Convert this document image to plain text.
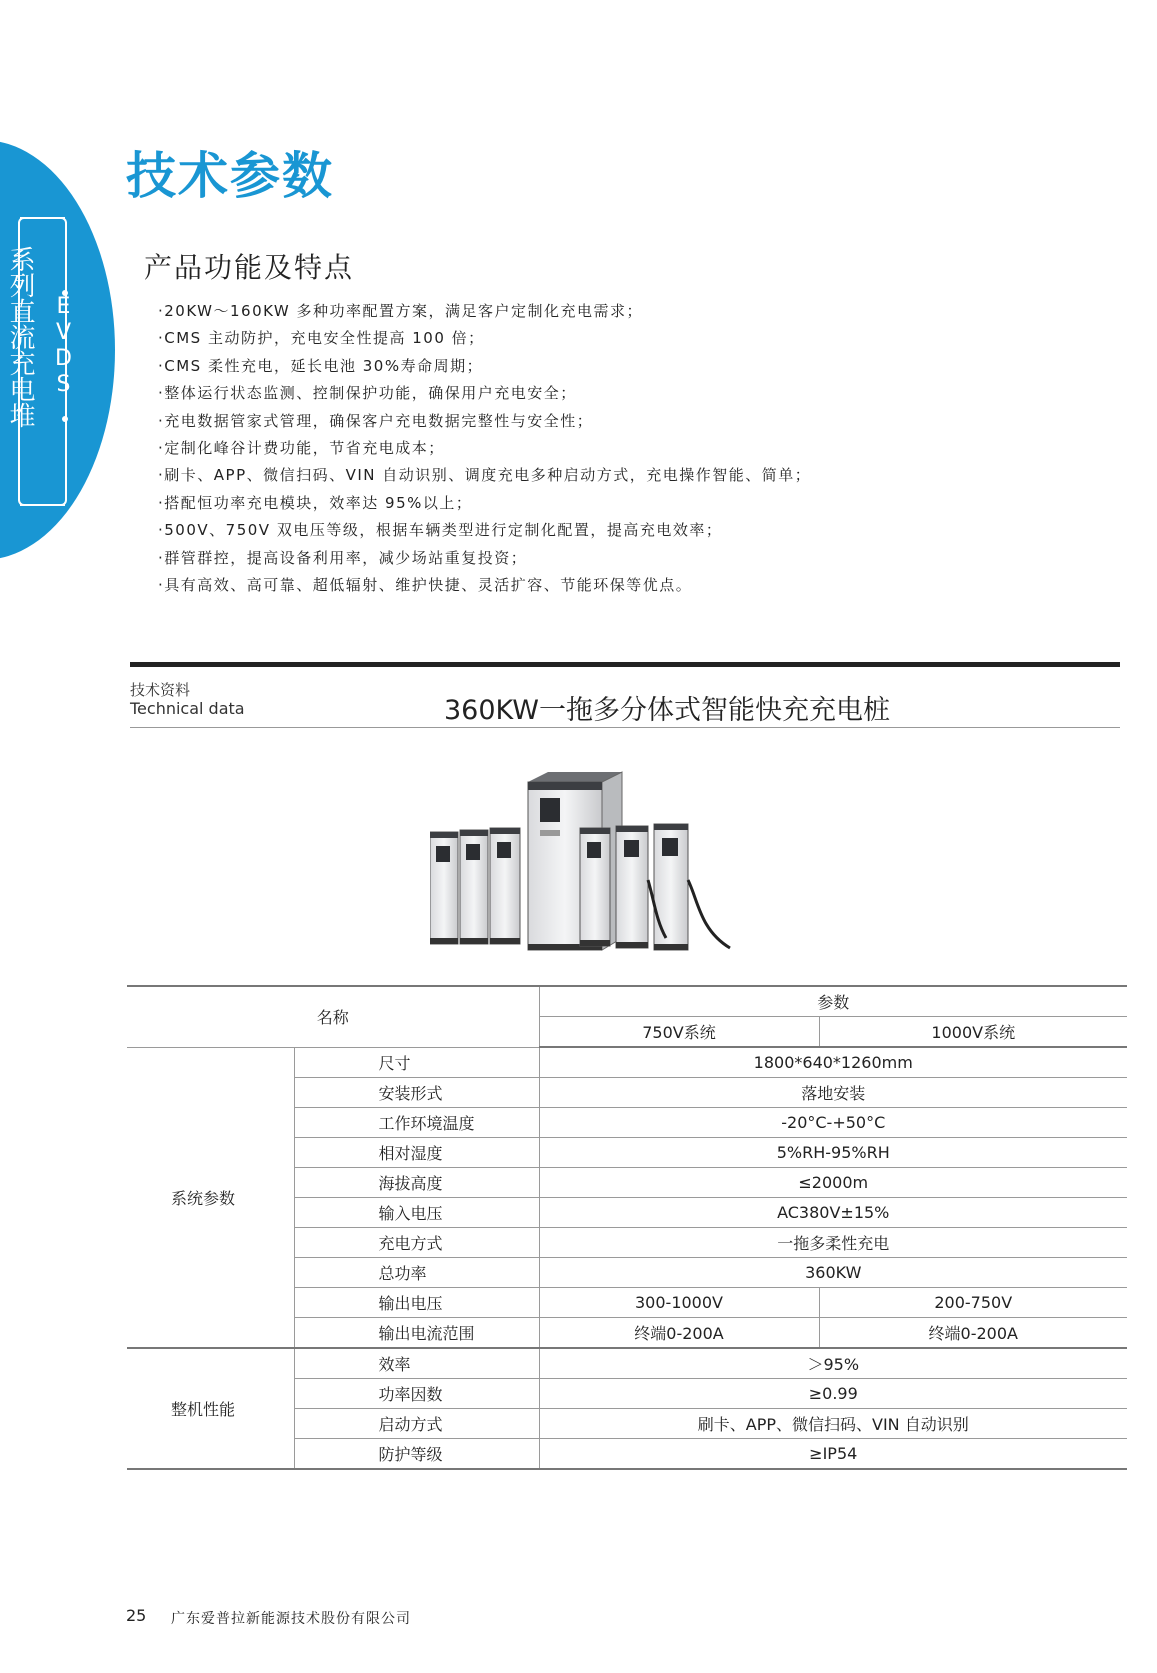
系列直流充电堆 EVDS
技术参数
产品功能及特点
·20KW～160KW 多种功率配置方案，满足客户定制化充电需求；
·CMS 主动防护，充电安全性提高 100 倍；
·CMS 柔性充电，延长电池 30%寿命周期；
·整体运行状态监测、控制保护功能，确保用户充电安全；
·充电数据管家式管理，确保客户充电数据完整性与安全性；
·定制化峰谷计费功能，节省充电成本；
·刷卡、APP、微信扫码、VIN 自动识别、调度充电多种启动方式，充电操作智能、简单；
·搭配恒功率充电模块，效率达 95%以上；
·500V、750V 双电压等级，根据车辆类型进行定制化配置，提高充电效率；
·群管群控，提高设备利用率，减少场站重复投资；
·具有高效、高可靠、超低辐射、维护快捷、灵活扩容、节能环保等优点。
技术资料
Technical data	360KW一拖多分体式智能快充充电桩
名称		参数	
		750V系统	1000V系统
系统参数	尺寸	1800*640*1260mm	
	安装形式	落地安装	
	工作环境温度	-20°C-+50°C	
	相对湿度	5%RH-95%RH	
	海拔高度	≤2000m	
	输入电压	AC380V±15%	
	充电方式	一拖多柔性充电	
	总功率	360KW	
	输出电压	300-1000V	200-750V
	输出电流范围	终端0-200A	终端0-200A
整机性能	效率	＞95%	
	功率因数	≥0.99	
	启动方式	刷卡、APP、微信扫码、VIN 自动识别	
	防护等级	≥IP54	
25 广东爱普拉新能源技术股份有限公司
